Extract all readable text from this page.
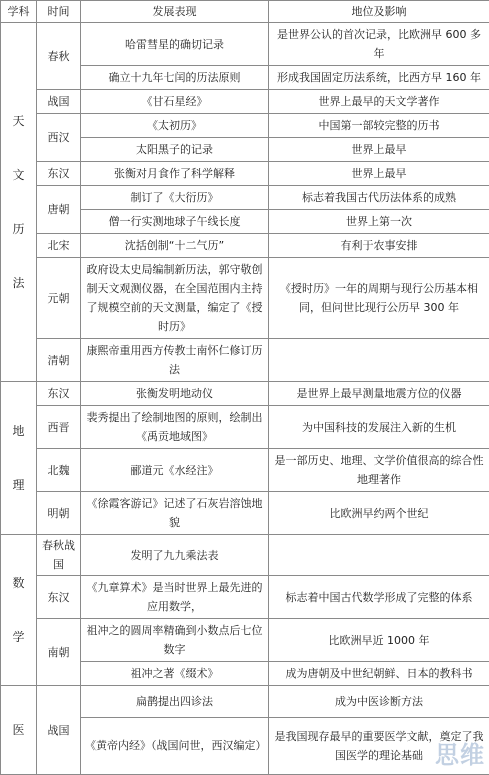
学科	时间	发展表现	地位及影响

天
文
历
法	春秋	哈雷彗星的确切记录	是世界公认的首次记录，比欧洲早 600 多年
		确立十九年七闰的历法原则	形成我国固定历法系统，比西方早 160 年
	战国	《甘石星经》	世界上最早的天文学著作
	西汉	《太初历》	中国第一部较完整的历书
		太阳黑子的记录	世界上最早
	东汉	张衡对月食作了科学解释	世界上最早
	唐朝	制订了《大衍历》	标志着我国古代历法体系的成熟
		僧一行实测地球子午线长度	世界上第一次
	北宋	沈括创制“十二气历”	有利于农事安排
	元朝	政府设太史局编制新历法，郭守敬创制天文观测仪器，在全国范围内主持了规模空前的天文测量，编定了《授时历》	《授时历》一年的周期与现行公历基本相同，但问世比现行公历早 300 年
	清朝	康熙帝重用西方传教士南怀仁修订历法	

地
理	东汉	张衡发明地动仪	是世界上最早测量地震方位的仪器
	西晋	裴秀提出了绘制地图的原则，绘制出《禹贡地域图》	为中国科技的发展注入新的生机
	北魏	郦道元《水经注》	是一部历史、地理、文学价值很高的综合性地理著作
	明朝	《徐霞客游记》记述了石灰岩溶蚀地貌	比欧洲早约两个世纪

数
学	春秋战国	发明了九九乘法表	
	东汉	《九章算术》是当时世界上最先进的应用数学，	标志着中国古代数学形成了完整的体系
	南朝	祖冲之的圆周率精确到小数点后七位数字	比欧洲早近 1000 年
		祖冲之著《缀术》	成为唐朝及中世纪朝鲜、日本的教科书

医	战国	扁鹊提出四诊法	成为中医诊断方法
		《黄帝内经》（战国问世，西汉编定）	是我国现存最早的重要医学文献，奠定了我国医学的理论基础 思维
